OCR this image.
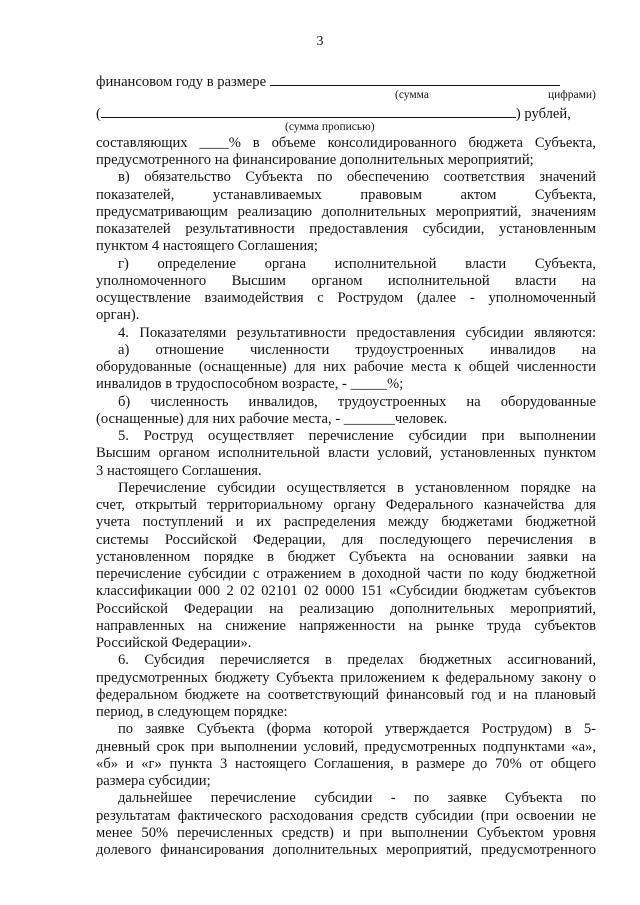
3
финансовом году в размере
(сумма	цифрами)
(	) рублей,
(сумма прописью)
составляющих ____% в объеме консолидированного бюджета Субъекта,
предусмотренного на финансирование дополнительных мероприятий;
в) обязательство Субъекта по обеспечению соответствия значений
показателей, устанавливаемых правовым актом Субъекта,
предусматривающим реализацию дополнительных мероприятий, значениям
показателей результативности предоставления субсидии, установленным
пунктом 4 настоящего Соглашения;
г) определение органа исполнительной власти Субъекта,
уполномоченного Высшим органом исполнительной власти на
осуществление взаимодействия с Рострудом (далее - уполномоченный
орган).
4. Показателями результативности предоставления субсидии являются:
а) отношение численности трудоустроенных инвалидов на
оборудованные (оснащенные) для них рабочие места к общей численности
инвалидов в трудоспособном возрасте, - _____%;
б) численность инвалидов, трудоустроенных на оборудованные
(оснащенные) для них рабочие места, - _______человек.
5. Роструд осуществляет перечисление субсидии при выполнении
Высшим органом исполнительной власти условий, установленных пунктом
3 настоящего Соглашения.
Перечисление субсидии осуществляется в установленном порядке на
счет, открытый территориальному органу Федерального казначейства для
учета поступлений и их распределения между бюджетами бюджетной
системы Российской Федерации, для последующего перечисления в
установленном порядке в бюджет Субъекта на основании заявки на
перечисление субсидии с отражением в доходной части по коду бюджетной
классификации 000 2 02 02101 02 0000 151 «Субсидии бюджетам субъектов
Российской Федерации на реализацию дополнительных мероприятий,
направленных на снижение напряженности на рынке труда субъектов
Российской Федерации».
6. Субсидия перечисляется в пределах бюджетных ассигнований,
предусмотренных бюджету Субъекта приложением к федеральному закону о
федеральном бюджете на соответствующий финансовый год и на плановый
период, в следующем порядке:
по заявке Субъекта (форма которой утверждается Рострудом) в 5-
дневный срок при выполнении условий, предусмотренных подпунктами «а»,
«б» и «г» пункта 3 настоящего Соглашения, в размере до 70% от общего
размера субсидии;
дальнейшее перечисление субсидии - по заявке Субъекта по
результатам фактического расходования средств субсидии (при освоении не
менее 50% перечисленных средств) и при выполнении Субъектом уровня
долевого финансирования дополнительных мероприятий, предусмотренного
